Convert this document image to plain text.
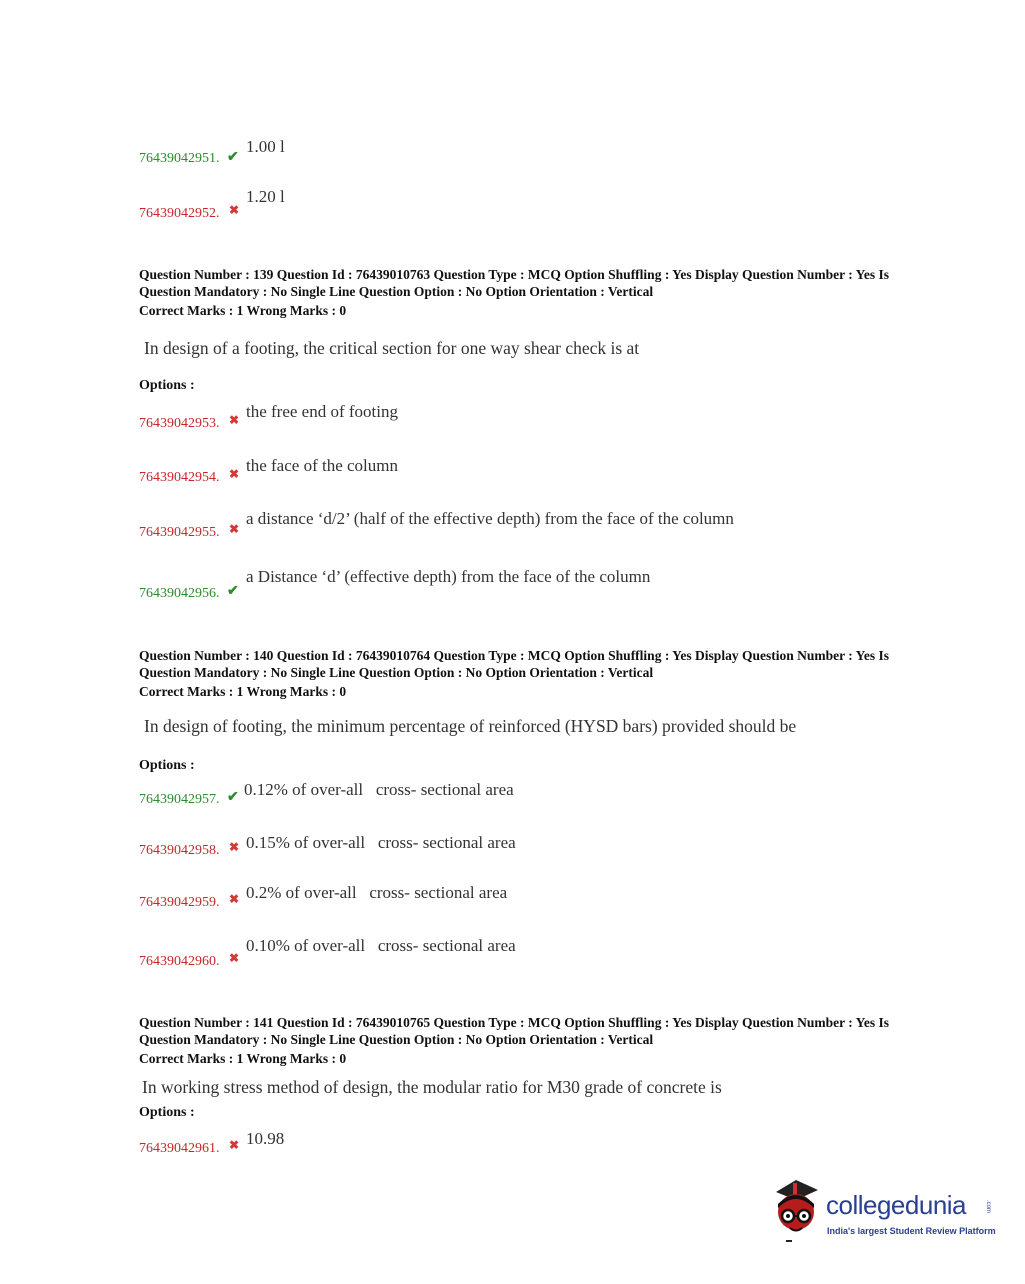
1.00 l
76439042951. ✔
1.20 l
76439042952. ✖
Question Number : 139 Question Id : 76439010763 Question Type : MCQ Option Shuffling : Yes Display Question Number : Yes Is Question Mandatory : No Single Line Question Option : No Option Orientation : Vertical
Correct Marks : 1 Wrong Marks : 0
In design of a footing, the critical section for one way shear check is at
Options :
the free end of footing
76439042953. ✖
the face of the column
76439042954. ✖
a distance ‘d/2’ (half of the effective depth) from the face of the column
76439042955. ✖
a Distance ‘d’ (effective depth) from the face of the column
76439042956. ✔
Question Number : 140 Question Id : 76439010764 Question Type : MCQ Option Shuffling : Yes Display Question Number : Yes Is Question Mandatory : No Single Line Question Option : No Option Orientation : Vertical
Correct Marks : 1 Wrong Marks : 0
In design of footing, the minimum percentage of reinforced (HYSD bars) provided should be
Options :
0.12% of over-all   cross- sectional area
76439042957. ✔
0.15% of over-all   cross- sectional area
76439042958. ✖
0.2% of over-all   cross- sectional area
76439042959. ✖
0.10% of over-all   cross- sectional area
76439042960. ✖
Question Number : 141 Question Id : 76439010765 Question Type : MCQ Option Shuffling : Yes Display Question Number : Yes Is Question Mandatory : No Single Line Question Option : No Option Orientation : Vertical
Correct Marks : 1 Wrong Marks : 0
In working stress method of design, the modular ratio for M30 grade of concrete is
Options :
10.98
76439042961. ✖
collegedunia	.com
India's largest Student Review Platform
